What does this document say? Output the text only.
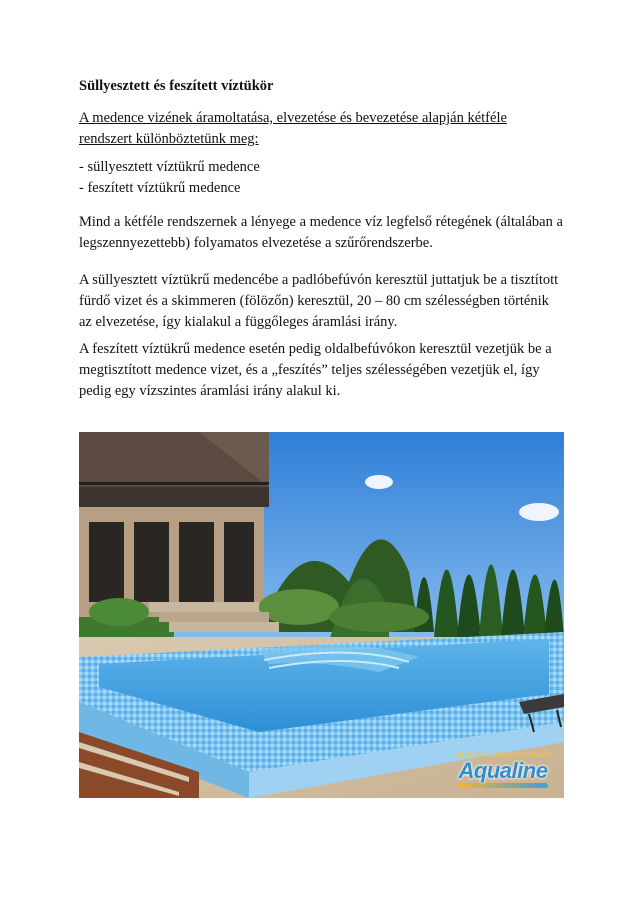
Süllyesztett és feszített víztükör
A medence vizének áramoltatása, elvezetése és bevezetése alapján kétféle rendszert különböztetünk meg:
- süllyesztett víztükrű medence
- feszített víztükrű medence
Mind a kétféle rendszernek a lényege a medence víz legfelső rétegének (általában a legszennyezettebb) folyamatos elvezetése a szűrőrendszerbe.
A süllyesztett víztükrű medencébe a padlóbefúvón keresztül juttatjuk be a tisztított fürdő vizet és a skimmeren (fölözőn) keresztül, 20 – 80 cm szélességben történik az elvezetése, így kialakul a függőleges áramlási irány.
A feszített víztükrű medence esetén pedig oldalbefúvókon keresztül vezetjük be a megtisztított medence vizet, és a „feszítés” teljes szélességében vezetjük el, így pedig egy vízszintes áramlási irány alakul ki.
KREATÍV FÜRDŐTECHNIKA
Aqualine
